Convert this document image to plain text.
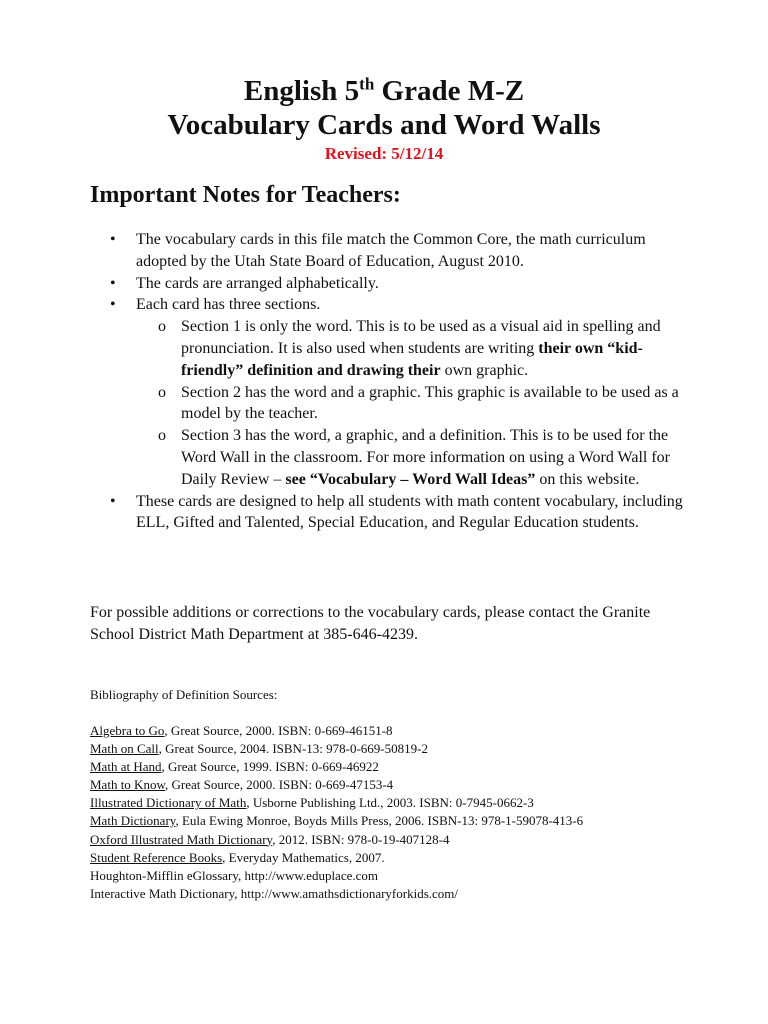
English 5th Grade M-Z
Vocabulary Cards and Word Walls
Revised: 5/12/14
Important Notes for Teachers:
•	The vocabulary cards in this file match the Common Core, the math curriculum adopted by the Utah State Board of Education, August 2010.
•	The cards are arranged alphabetically.
•	Each card has three sections.
o Section 1 is only the word. This is to be used as a visual aid in spelling and pronunciation. It is also used when students are writing their own “kid-friendly” definition and drawing their own graphic.
o Section 2 has the word and a graphic. This graphic is available to be used as a model by the teacher.
o Section 3 has the word, a graphic, and a definition. This is to be used for the Word Wall in the classroom. For more information on using a Word Wall for Daily Review – see “Vocabulary – Word Wall Ideas” on this website.
•	These cards are designed to help all students with math content vocabulary, including ELL, Gifted and Talented, Special Education, and Regular Education students.
For possible additions or corrections to the vocabulary cards, please contact the Granite School District Math Department at 385-646-4239.
Bibliography of Definition Sources:
Algebra to Go, Great Source, 2000. ISBN: 0-669-46151-8
Math on Call, Great Source, 2004. ISBN-13: 978-0-669-50819-2
Math at Hand, Great Source, 1999. ISBN: 0-669-46922
Math to Know, Great Source, 2000. ISBN: 0-669-47153-4
Illustrated Dictionary of Math, Usborne Publishing Ltd., 2003. ISBN: 0-7945-0662-3
Math Dictionary, Eula Ewing Monroe, Boyds Mills Press, 2006. ISBN-13: 978-1-59078-413-6
Oxford Illustrated Math Dictionary, 2012. ISBN: 978-0-19-407128-4
Student Reference Books, Everyday Mathematics, 2007.
Houghton-Mifflin eGlossary, http://www.eduplace.com
Interactive Math Dictionary, http://www.amathsdictionaryforkids.com/
